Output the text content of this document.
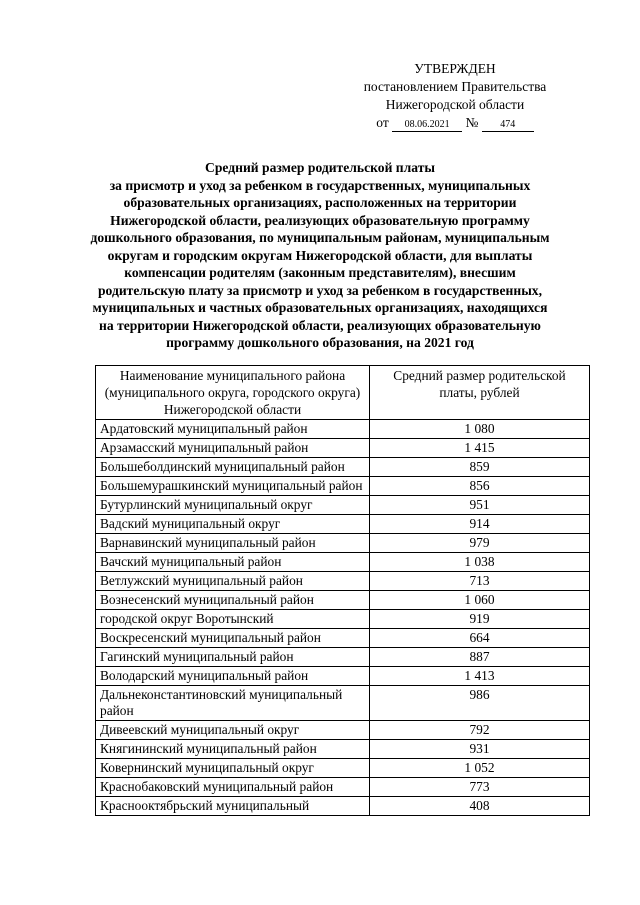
УТВЕРЖДЕН
постановлением Правительства
Нижегородской области
от 08.06.2021 № 474
Средний размер родительской платы
за присмотр и уход за ребенком в государственных, муниципальных
образовательных организациях, расположенных на территории
Нижегородской области, реализующих образовательную программу
дошкольного образования, по муниципальным районам, муниципальным
округам и городским округам Нижегородской области, для выплаты
компенсации родителям (законным представителям), внесшим
родительскую плату за присмотр и уход за ребенком в государственных,
муниципальных и частных образовательных организациях, находящихся
на территории Нижегородской области, реализующих образовательную
программу дошкольного образования, на 2021 год
Наименование муниципального района (муниципального округа, городского округа) Нижегородской области	Средний размер родительской платы, рублей
Ардатовский муниципальный район	1 080
Арзамасский муниципальный район	1 415
Большеболдинский муниципальный район	859
Большемурашкинский муниципальный район	856
Бутурлинский муниципальный округ	951
Вадский муниципальный округ	914
Варнавинский муниципальный район	979
Вачский муниципальный район	1 038
Ветлужский муниципальный район	713
Вознесенский муниципальный район	1 060
городской округ Воротынский	919
Воскресенский муниципальный район	664
Гагинский муниципальный район	887
Володарский муниципальный район	1 413
Дальнеконстантиновский муниципальный район	986
Дивеевский муниципальный округ	792
Княгининский муниципальный район	931
Ковернинский муниципальный округ	1 052
Краснобаковский муниципальный район	773
Краснооктябрьский муниципальный	408
